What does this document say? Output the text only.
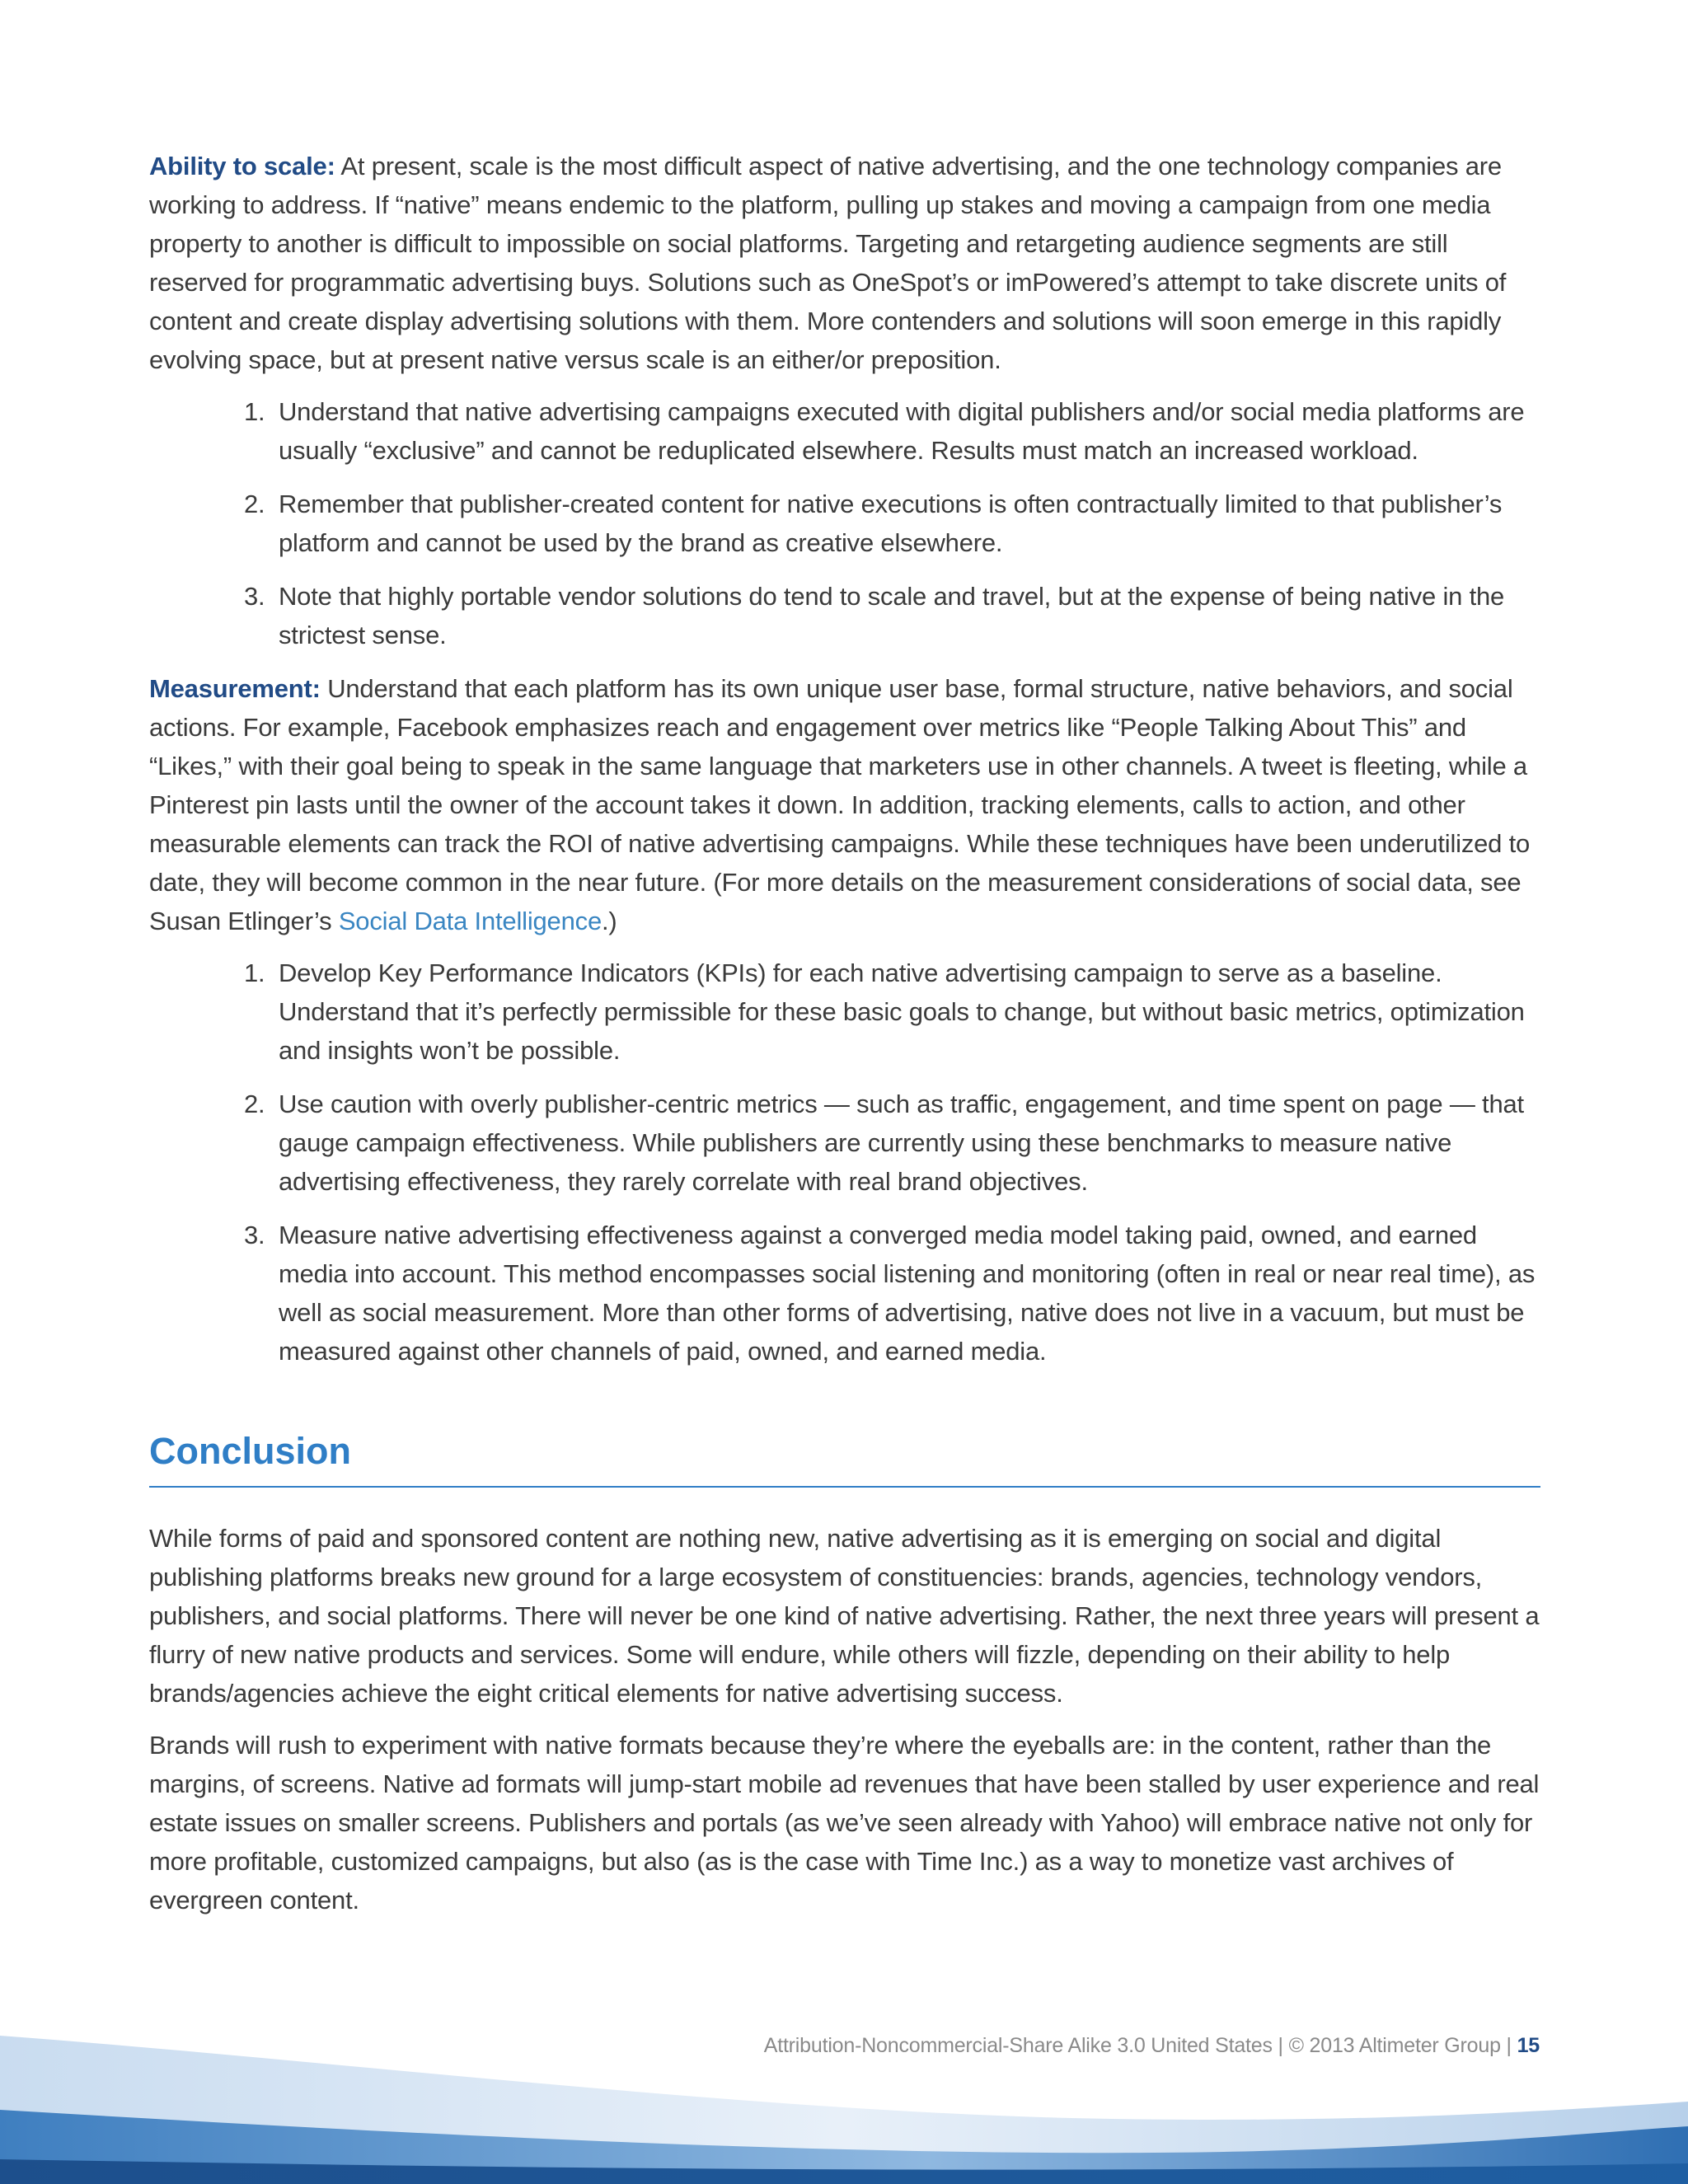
Ability to scale: At present, scale is the most difficult aspect of native advertising, and the one technology companies are working to address. If “native” means endemic to the platform, pulling up stakes and moving a campaign from one media property to another is difficult to impossible on social platforms. Targeting and retargeting audience segments are still reserved for programmatic advertising buys. Solutions such as OneSpot’s or imPowered’s attempt to take discrete units of content and create display advertising solutions with them. More contenders and solutions will soon emerge in this rapidly evolving space, but at present native versus scale is an either/or preposition.

1. Understand that native advertising campaigns executed with digital publishers and/or social media platforms are usually “exclusive” and cannot be reduplicated elsewhere. Results must match an increased workload.
2. Remember that publisher-created content for native executions is often contractually limited to that publisher’s platform and cannot be used by the brand as creative elsewhere.
3. Note that highly portable vendor solutions do tend to scale and travel, but at the expense of being native in the strictest sense.

Measurement: Understand that each platform has its own unique user base, formal structure, native behaviors, and social actions. For example, Facebook emphasizes reach and engagement over metrics like “People Talking About This” and “Likes,” with their goal being to speak in the same language that marketers use in other channels. A tweet is fleeting, while a Pinterest pin lasts until the owner of the account takes it down. In addition, tracking elements, calls to action, and other measurable elements can track the ROI of native advertising campaigns. While these techniques have been underutilized to date, they will become common in the near future. (For more details on the measurement considerations of social data, see Susan Etlinger’s Social Data Intelligence.)

1. Develop Key Performance Indicators (KPIs) for each native advertising campaign to serve as a baseline. Understand that it’s perfectly permissible for these basic goals to change, but without basic metrics, optimization and insights won’t be possible.
2. Use caution with overly publisher-centric metrics — such as traffic, engagement, and time spent on page — that gauge campaign effectiveness. While publishers are currently using these benchmarks to measure native advertising effectiveness, they rarely correlate with real brand objectives.
3. Measure native advertising effectiveness against a converged media model taking paid, owned, and earned media into account. This method encompasses social listening and monitoring (often in real or near real time), as well as social measurement. More than other forms of advertising, native does not live in a vacuum, but must be measured against other channels of paid, owned, and earned media.
Conclusion

While forms of paid and sponsored content are nothing new, native advertising as it is emerging on social and digital publishing platforms breaks new ground for a large ecosystem of constituencies: brands, agencies, technology vendors, publishers, and social platforms. There will never be one kind of native advertising. Rather, the next three years will present a flurry of new native products and services. Some will endure, while others will fizzle, depending on their ability to help brands/agencies achieve the eight critical elements for native advertising success.

Brands will rush to experiment with native formats because they’re where the eyeballs are: in the content, rather than the margins, of screens. Native ad formats will jump-start mobile ad revenues that have been stalled by user experience and real estate issues on smaller screens. Publishers and portals (as we’ve seen already with Yahoo) will embrace native not only for more profitable, customized campaigns, but also (as is the case with Time Inc.) as a way to monetize vast archives of evergreen content.

Attribution-Noncommercial-Share Alike 3.0 United States | © 2013 Altimeter Group | 15
